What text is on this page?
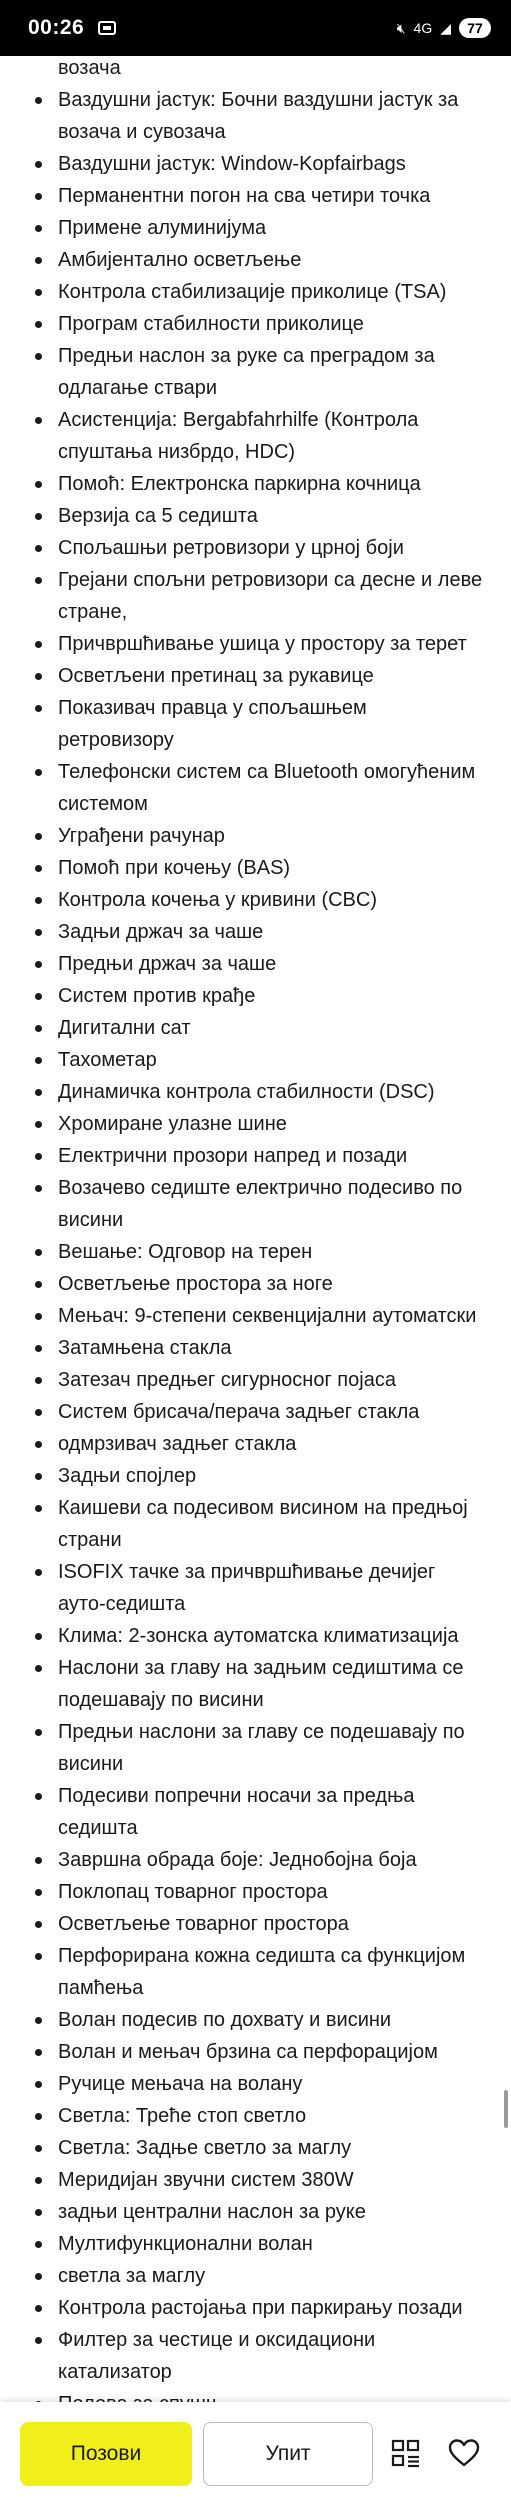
00:26	🔇︎ 4G ◢	77
возача
Ваздушни јастук: Бочни ваздушни јастук за возача и сувозача
Ваздушни јастук: Window-Kopfairbags
Перманентни погон на сва четири точка
Примене алуминијума
Амбијентално осветљење
Контрола стабилизације приколице (TSA)
Програм стабилности приколице
Предњи наслон за руке са преградом за одлагање ствари
Асистенција: Bergabfahrhilfe (Контрола спуштања низбрдо, HDC)
Помоћ: Електронска паркирна кочница
Верзија са 5 седишта
Спољашњи ретровизори у црној боји
Грејани спољни ретровизори са десне и леве стране,
Причвршћивање ушица у простору за терет
Осветљени претинац за рукавице
Показивач правца у спољашњем ретровизору
Телефонски систем са Bluetooth омогућеним системом
Уграђени рачунар
Помоћ при кочењу (BAS)
Контрола кочења у кривини (CBC)
Задњи држач за чаше
Предњи држач за чаше
Систем против крађе
Дигитални сат
Тахометар
Динамичка контрола стабилности (DSC)
Хромиране улазне шине
Електрични прозори напред и позади
Возачево седиште електрично подесиво по висини
Вешање: Одговор на терен
Осветљење простора за ноге
Мењач: 9-степени секвенцијални аутоматски
Затамњена стакла
Затезач предњег сигурносног појаса
Систем брисача/перача задњег стакла
одмрзивач задњег стакла
Задњи спојлер
Каишеви са подесивом висином на предњој страни
ISOFIX тачке за причвршћивање дечијег ауто-седишта
Клима: 2-зонска аутоматска климатизација
Наслони за главу на задњим седиштима се подешавају по висини
Предњи наслони за главу се подешавају по висини
Подесиви попречни носачи за предња седишта
Завршна обрада боје: Једнобојна боја
Поклопац товарног простора
Осветљење товарног простора
Перфорирана кожна седишта са функцијом памћења
Волан подесив по дохвату и висини
Волан и мењач брзина са перфорацијом
Ручице мењача на волану
Светла: Треће стоп светло
Светла: Задње светло за маглу
Меридијан звучни систем 380W
задњи централни наслон за руке
Мултифункционални волан
светла за маглу
Контрола растојања при паркирању позади
Филтер за честице и оксидациони катализатор
Позови	Упит
